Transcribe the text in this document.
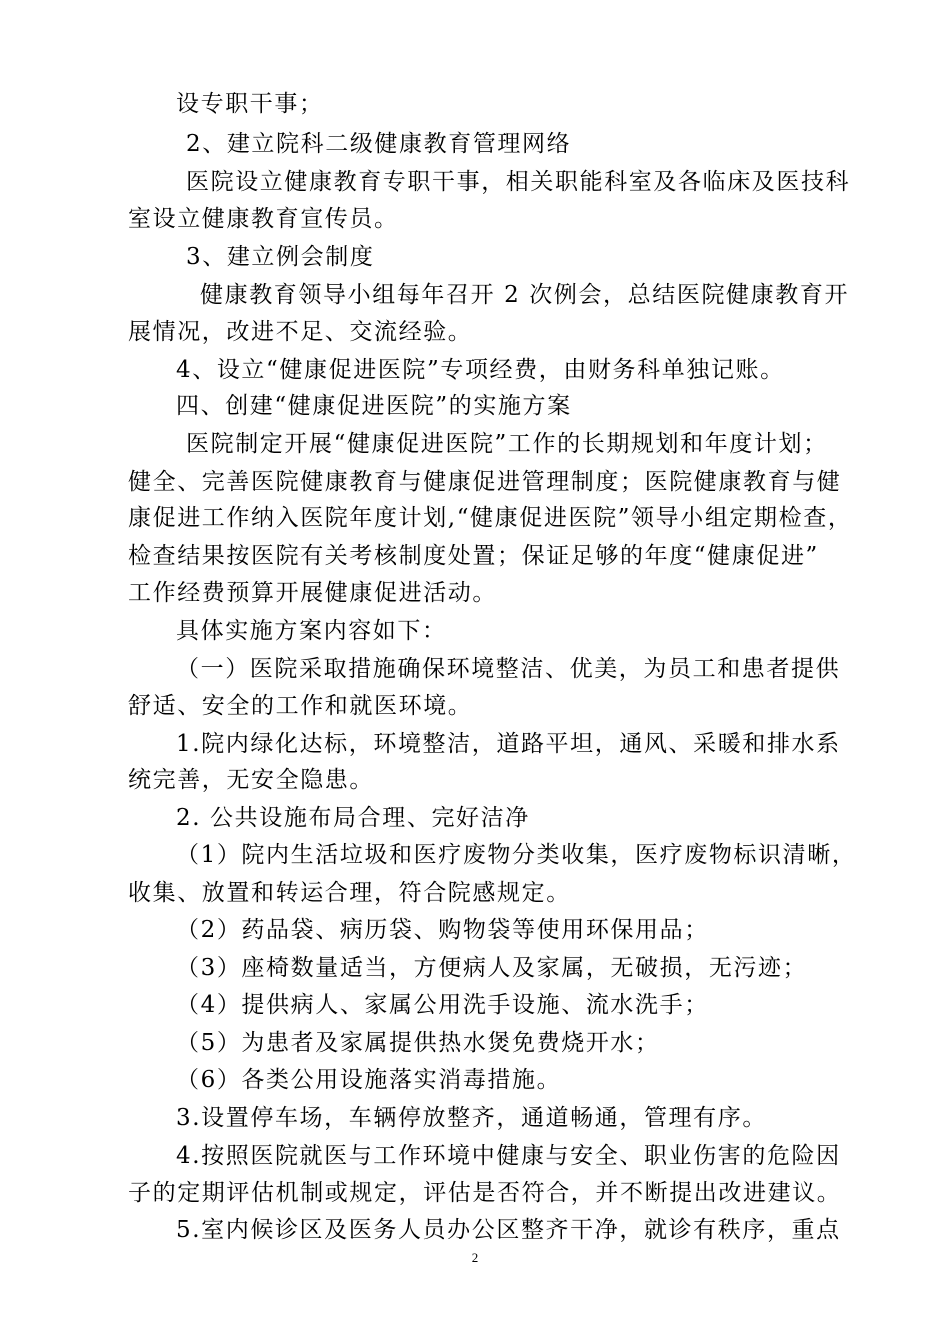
设专职干事；
2、建立院科二级健康教育管理网络
医院设立健康教育专职干事，相关职能科室及各临床及医技科
室设立健康教育宣传员。
3、建立例会制度
健康教育领导小组每年召开 2 次例会，总结医院健康教育开
展情况，改进不足、交流经验。
4、设立“健康促进医院”专项经费，由财务科单独记账。
四、创建“健康促进医院”的实施方案
医院制定开展“健康促进医院”工作的长期规划和年度计划；
健全、完善医院健康教育与健康促进管理制度；医院健康教育与健
康促进工作纳入医院年度计划,“健康促进医院”领导小组定期检查，
检查结果按医院有关考核制度处置；保证足够的年度“健康促进”
工作经费预算开展健康促进活动。
具体实施方案内容如下：
（一）医院采取措施确保环境整洁、优美，为员工和患者提供
舒适、安全的工作和就医环境。
1.院内绿化达标，环境整洁，道路平坦，通风、采暖和排水系
统完善，无安全隐患。
2. 公共设施布局合理、完好洁净
（1）院内生活垃圾和医疗废物分类收集，医疗废物标识清晰，
收集、放置和转运合理，符合院感规定。
（2）药品袋、病历袋、购物袋等使用环保用品；
（3）座椅数量适当，方便病人及家属，无破损，无污迹；
（4）提供病人、家属公用洗手设施、流水洗手；
（5）为患者及家属提供热水煲免费烧开水；
（6）各类公用设施落实消毒措施。
3.设置停车场，车辆停放整齐，通道畅通，管理有序。
4.按照医院就医与工作环境中健康与安全、职业伤害的危险因
子的定期评估机制或规定，评估是否符合，并不断提出改进建议。
5.室内候诊区及医务人员办公区整齐干净，就诊有秩序，重点
2
